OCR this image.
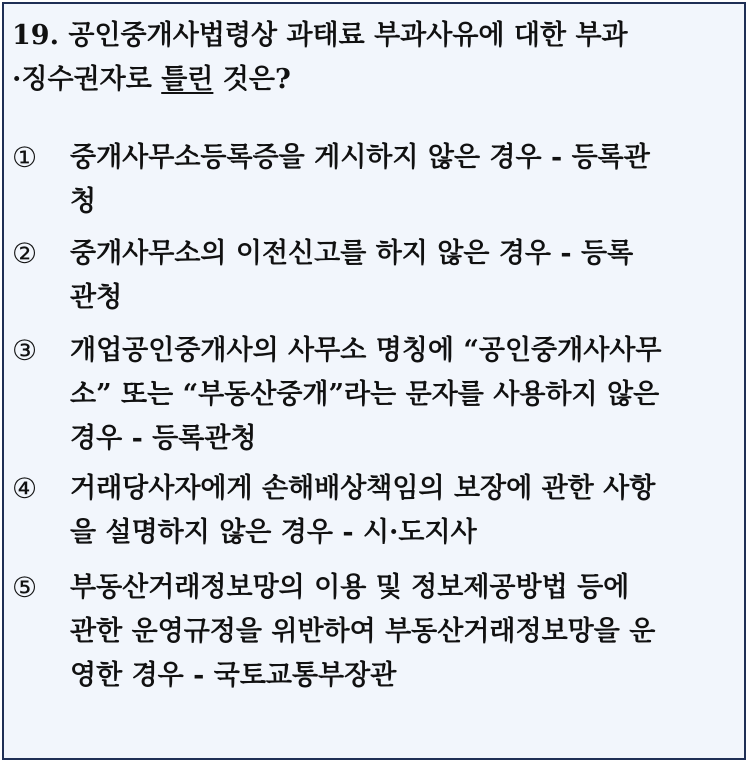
19. 공인중개사법령상 과태료 부과사유에 대한 부과
·징수권자로 틀린 것은?
①	중개사무소등록증을 게시하지 않은 경우 - 등록관
청
②	중개사무소의 이전신고를 하지 않은 경우 - 등록
관청
③	개업공인중개사의 사무소 명칭에 “공인중개사사무
소” 또는 “부동산중개”라는 문자를 사용하지 않은
경우 - 등록관청
④	거래당사자에게 손해배상책임의 보장에 관한 사항
을 설명하지 않은 경우 - 시·도지사
⑤	부동산거래정보망의 이용 및 정보제공방법 등에
관한 운영규정을 위반하여 부동산거래정보망을 운
영한 경우 - 국토교통부장관
